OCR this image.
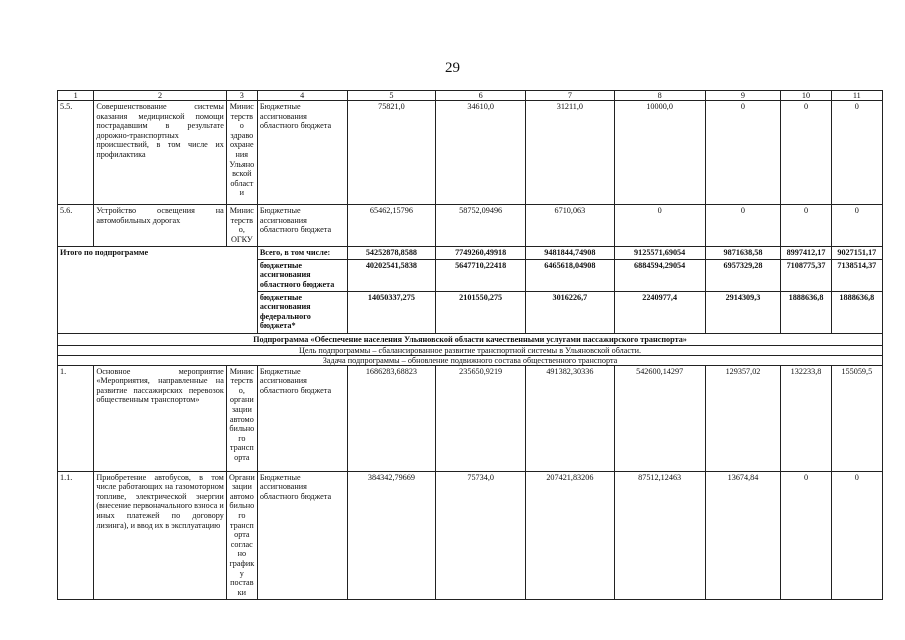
29
1	2	3	4	5	6	7	8	9	10	11
5.5.	Совершенствование системы оказания медицинской помощи пострадавшим в результате дорожно-транспортных происшествий, в том числе их профилактика	Министерство здравоохранения Ульяновской области	Бюджетные ассигнования областного бюджета	75821,0	34610,0	31211,0	10000,0	0	0	0
5.6.	Устройство освещения на автомобильных дорогах	Министерство, ОГКУ	Бюджетные ассигнования областного бюджета	65462,15796	58752,09496	6710,063	0	0	0	0
Итого по подпрограмме			Всего, в том числе:	54252878,8588	7749260,49918	9481844,74908	9125571,69054	9871638,58	8997412,17	9027151,17
			бюджетные ассигнования областного бюджета	40202541,5838	5647710,22418	6465618,04908	6884594,29054	6957329,28	7108775,37	7138514,37
			бюджетные ассигнования федерального бюджета*	14050337,275	2101550,275	3016226,7	2240977,4	2914309,3	1888636,8	1888636,8
Подпрограмма «Обеспечение населения Ульяновской области качественными услугами пассажирского транспорта»										
Цель подпрограммы – сбалансированное развитие транспортной системы в Ульяновской области.										
Задача подпрограммы – обновление подвижного состава общественного транспорта										
1.	Основное мероприятие «Мероприятия, направленные на развитие пассажирских перевозок общественным транспортом»	Министерство, организации автомобильного транспорта	Бюджетные ассигнования областного бюджета	1686283,68823	235650,9219	491382,30336	542600,14297	129357,02	132233,8	155059,5
1.1.	Приобретение автобусов, в том числе работающих на газомоторном топливе, электрической энергии (внесение первоначального взноса и иных платежей по договору лизинга), и ввод их в эксплуатацию	Организации автомобильного транспорта согласно графику поставки	Бюджетные ассигнования областного бюджета	384342,79669	75734,0	207421,83206	87512,12463	13674,84	0	0
